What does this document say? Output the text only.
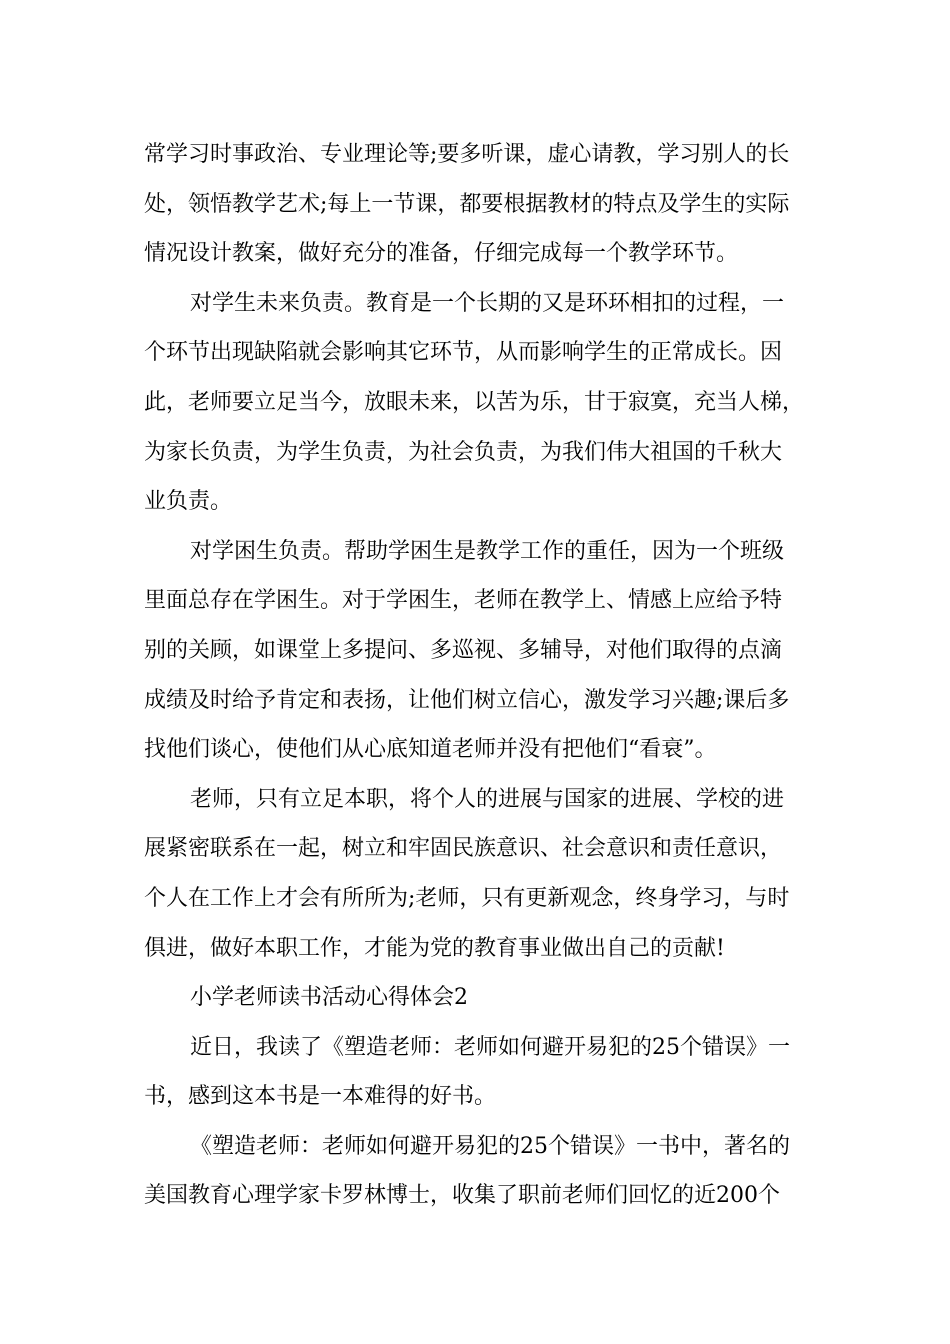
常学习时事政治、专业理论等;要多听课，虚心请教，学习别人的长
处，领悟教学艺术;每上一节课，都要根据教材的特点及学生的实际
情况设计教案，做好充分的准备，仔细完成每一个教学环节。
对学生未来负责。教育是一个长期的又是环环相扣的过程，一
个环节出现缺陷就会影响其它环节，从而影响学生的正常成长。因
此，老师要立足当今，放眼未来，以苦为乐，甘于寂寞，充当人梯，
为家长负责，为学生负责，为社会负责，为我们伟大祖国的千秋大
业负责。
对学困生负责。帮助学困生是教学工作的重任，因为一个班级
里面总存在学困生。对于学困生，老师在教学上、情感上应给予特
别的关顾，如课堂上多提问、多巡视、多辅导，对他们取得的点滴
成绩及时给予肯定和表扬，让他们树立信心，激发学习兴趣;课后多
找他们谈心，使他们从心底知道老师并没有把他们“看衰”。
老师，只有立足本职，将个人的进展与国家的进展、学校的进
展紧密联系在一起，树立和牢固民族意识、社会意识和责任意识，
个人在工作上才会有所所为;老师，只有更新观念，终身学习，与时
俱进，做好本职工作，才能为党的教育事业做出自己的贡献!
小学老师读书活动心得体会2
近日，我读了《塑造老师：老师如何避开易犯的25个错误》一
书，感到这本书是一本难得的好书。
《塑造老师：老师如何避开易犯的25个错误》一书中，著名的
美国教育心理学家卡罗林博士，收集了职前老师们回忆的近200个
